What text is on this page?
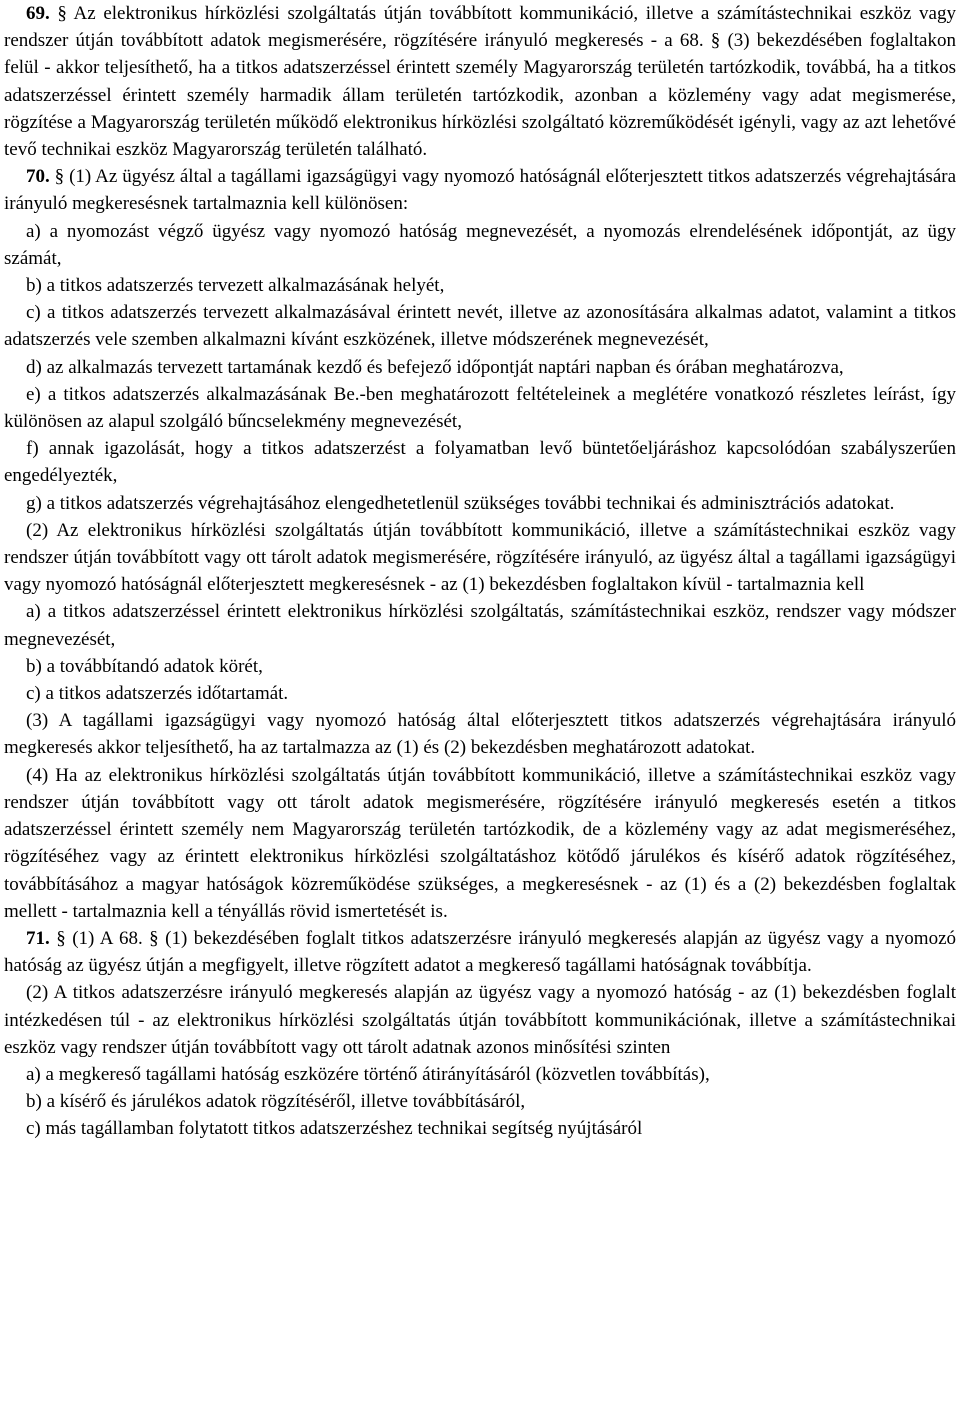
69. § Az elektronikus hírközlési szolgáltatás útján továbbított kommunikáció, illetve a számítástechnikai eszköz vagy rendszer útján továbbított adatok megismerésére, rögzítésére irányuló megkeresés - a 68. § (3) bekezdésében foglaltakon felül - akkor teljesíthető, ha a titkos adatszerzéssel érintett személy Magyarország területén tartózkodik, továbbá, ha a titkos adatszerzéssel érintett személy harmadik állam területén tartózkodik, azonban a közlemény vagy adat megismerése, rögzítése a Magyarország területén működő elektronikus hírközlési szolgáltató közreműködését igényli, vagy az azt lehetővé tevő technikai eszköz Magyarország területén található.

70. § (1) Az ügyész által a tagállami igazságügyi vagy nyomozó hatóságnál előterjesztett titkos adatszerzés végrehajtására irányuló megkeresésnek tartalmaznia kell különösen:

a) a nyomozást végző ügyész vagy nyomozó hatóság megnevezését, a nyomozás elrendelésének időpontját, az ügy számát,

b) a titkos adatszerzés tervezett alkalmazásának helyét,

c) a titkos adatszerzés tervezett alkalmazásával érintett nevét, illetve az azonosítására alkalmas adatot, valamint a titkos adatszerzés vele szemben alkalmazni kívánt eszközének, illetve módszerének megnevezését,

d) az alkalmazás tervezett tartamának kezdő és befejező időpontját naptári napban és órában meghatározva,

e) a titkos adatszerzés alkalmazásának Be.-ben meghatározott feltételeinek a meglétére vonatkozó részletes leírást, így különösen az alapul szolgáló bűncselekmény megnevezését,

f) annak igazolását, hogy a titkos adatszerzést a folyamatban levő büntetőeljáráshoz kapcsolódóan szabályszerűen engedélyezték,

g) a titkos adatszerzés végrehajtásához elengedhetetlenül szükséges további technikai és adminisztrációs adatokat.

(2) Az elektronikus hírközlési szolgáltatás útján továbbított kommunikáció, illetve a számítástechnikai eszköz vagy rendszer útján továbbított vagy ott tárolt adatok megismerésére, rögzítésére irányuló, az ügyész által a tagállami igazságügyi vagy nyomozó hatóságnál előterjesztett megkeresésnek - az (1) bekezdésben foglaltakon kívül - tartalmaznia kell

a) a titkos adatszerzéssel érintett elektronikus hírközlési szolgáltatás, számítástechnikai eszköz, rendszer vagy módszer megnevezését,

b) a továbbítandó adatok körét,

c) a titkos adatszerzés időtartamát.

(3) A tagállami igazságügyi vagy nyomozó hatóság által előterjesztett titkos adatszerzés végrehajtására irányuló megkeresés akkor teljesíthető, ha az tartalmazza az (1) és (2) bekezdésben meghatározott adatokat.

(4) Ha az elektronikus hírközlési szolgáltatás útján továbbított kommunikáció, illetve a számítástechnikai eszköz vagy rendszer útján továbbított vagy ott tárolt adatok megismerésére, rögzítésére irányuló megkeresés esetén a titkos adatszerzéssel érintett személy nem Magyarország területén tartózkodik, de a közlemény vagy az adat megismeréséhez, rögzítéséhez vagy az érintett elektronikus hírközlési szolgáltatáshoz kötődő járulékos és kísérő adatok rögzítéséhez, továbbításához a magyar hatóságok közreműködése szükséges, a megkeresésnek - az (1) és a (2) bekezdésben foglaltak mellett - tartalmaznia kell a tényállás rövid ismertetését is.

71. § (1) A 68. § (1) bekezdésében foglalt titkos adatszerzésre irányuló megkeresés alapján az ügyész vagy a nyomozó hatóság az ügyész útján a megfigyelt, illetve rögzített adatot a megkereső tagállami hatóságnak továbbítja.

(2) A titkos adatszerzésre irányuló megkeresés alapján az ügyész vagy a nyomozó hatóság - az (1) bekezdésben foglalt intézkedésen túl - az elektronikus hírközlési szolgáltatás útján továbbított kommunikációnak, illetve a számítástechnikai eszköz vagy rendszer útján továbbított vagy ott tárolt adatnak azonos minősítési szinten

a) a megkereső tagállami hatóság eszközére történő átirányításáról (közvetlen továbbítás),

b) a kísérő és járulékos adatok rögzítéséről, illetve továbbításáról,

c) más tagállamban folytatott titkos adatszerzéshez technikai segítség nyújtásáról
